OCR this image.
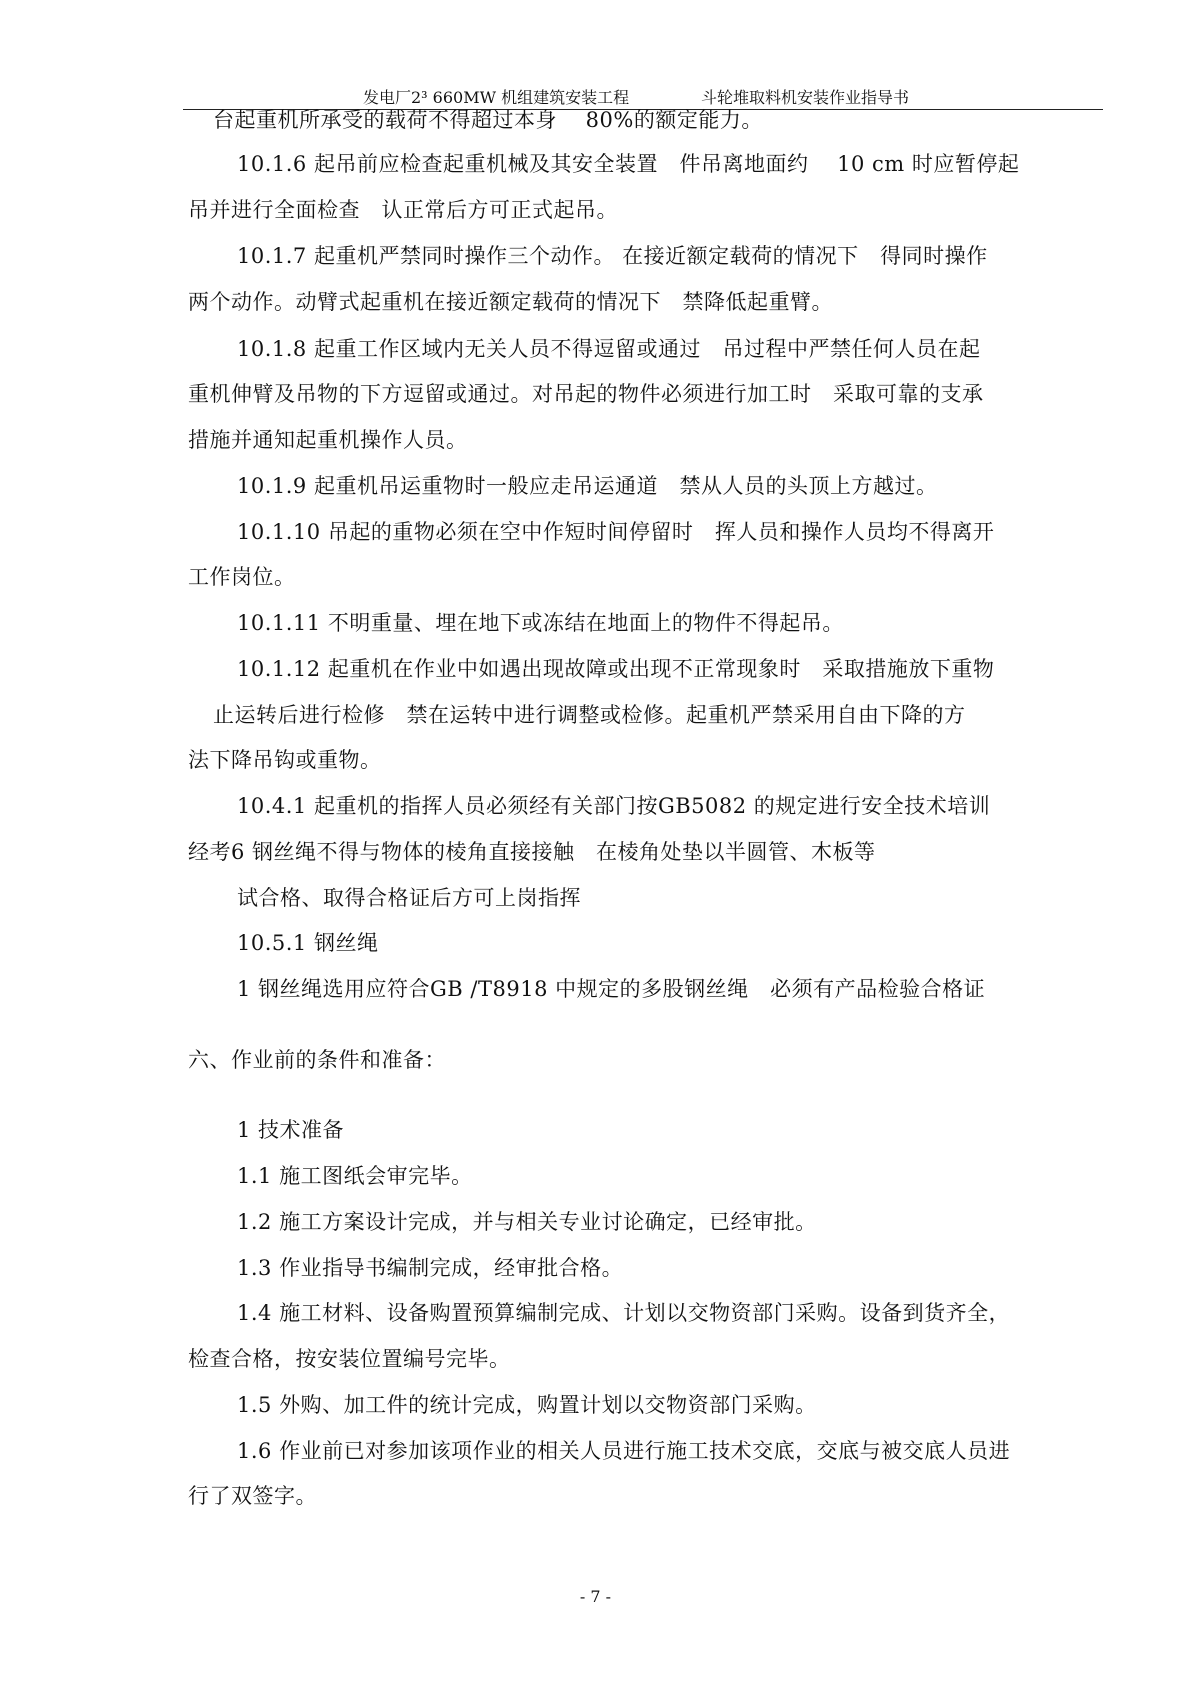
发电厂2³ 660MW 机组建筑安装工程	斗轮堆取料机安装作业指导书
台起重机所承受的载荷不得超过本身　 80%的额定能力。
10.1.6 起吊前应检查起重机械及其安全装置　件吊离地面约　 10 cm 时应暂停起
吊并进行全面检查　认正常后方可正式起吊。
10.1.7 起重机严禁同时操作三个动作。 在接近额定载荷的情况下　得同时操作
两个动作。动臂式起重机在接近额定载荷的情况下　禁降低起重臂。
10.1.8 起重工作区域内无关人员不得逗留或通过　吊过程中严禁任何人员在起
重机伸臂及吊物的下方逗留或通过。对吊起的物件必须进行加工时　采取可靠的支承
措施并通知起重机操作人员。
10.1.9 起重机吊运重物时一般应走吊运通道　禁从人员的头顶上方越过。
10.1.10 吊起的重物必须在空中作短时间停留时　挥人员和操作人员均不得离开
工作岗位。
10.1.11 不明重量、埋在地下或冻结在地面上的物件不得起吊。
10.1.12 起重机在作业中如遇出现故障或出现不正常现象时　采取措施放下重物
止运转后进行检修　禁在运转中进行调整或检修。起重机严禁采用自由下降的方
法下降吊钩或重物。
10.4.1 起重机的指挥人员必须经有关部门按GB5082 的规定进行安全技术培训
经考6 钢丝绳不得与物体的棱角直接接触　在棱角处垫以半圆管、木板等
试合格、取得合格证后方可上岗指挥
10.5.1 钢丝绳
1 钢丝绳选用应符合GB /T8918 中规定的多股钢丝绳　必须有产品检验合格证
六、作业前的条件和准备：
1 技术准备
1.1 施工图纸会审完毕。
1.2 施工方案设计完成，并与相关专业讨论确定，已经审批。
1.3 作业指导书编制完成，经审批合格。
1.4 施工材料、设备购置预算编制完成、计划以交物资部门采购。设备到货齐全，
检查合格，按安装位置编号完毕。
1.5 外购、加工件的统计完成，购置计划以交物资部门采购。
1.6 作业前已对参加该项作业的相关人员进行施工技术交底，交底与被交底人员进
行了双签字。
- 7 -
